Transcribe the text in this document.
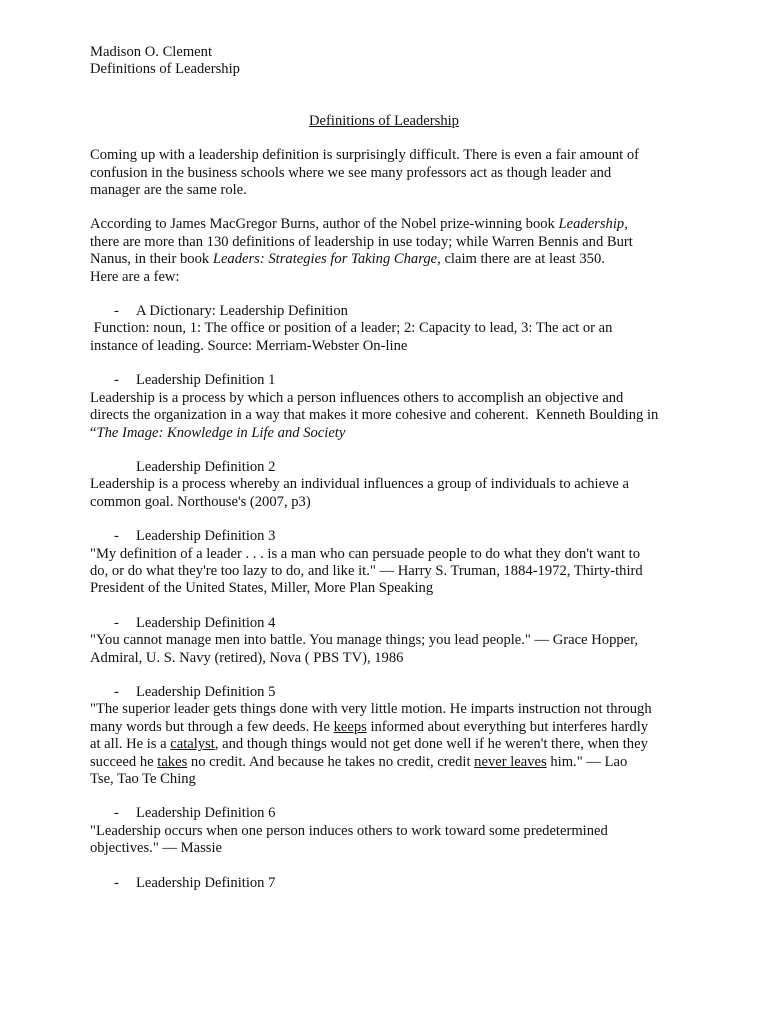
Madison O. Clement
Definitions of Leadership
Definitions of Leadership
Coming up with a leadership definition is surprisingly difficult. There is even a fair amount of
confusion in the business schools where we see many professors act as though leader and
manager are the same role.
According to James MacGregor Burns, author of the Nobel prize-winning book Leadership,
there are more than 130 definitions of leadership in use today; while Warren Bennis and Burt
Nanus, in their book Leaders: Strategies for Taking Charge, claim there are at least 350.
Here are a few:
- A Dictionary: Leadership Definition
Function: noun, 1: The office or position of a leader; 2: Capacity to lead, 3: The act or an
instance of leading. Source: Merriam-Webster On-line
- Leadership Definition 1
Leadership is a process by which a person influences others to accomplish an objective and
directs the organization in a way that makes it more cohesive and coherent.  Kenneth Boulding in
“The Image: Knowledge in Life and Society
Leadership Definition 2
Leadership is a process whereby an individual influences a group of individuals to achieve a
common goal. Northouse's (2007, p3)
- Leadership Definition 3
"My definition of a leader . . . is a man who can persuade people to do what they don't want to
do, or do what they're too lazy to do, and like it." — Harry S. Truman, 1884-1972, Thirty-third
President of the United States, Miller, More Plan Speaking
- Leadership Definition 4
"You cannot manage men into battle. You manage things; you lead people." — Grace Hopper,
Admiral, U. S. Navy (retired), Nova ( PBS TV), 1986
- Leadership Definition 5
"The superior leader gets things done with very little motion. He imparts instruction not through
many words but through a few deeds. He keeps informed about everything but interferes hardly
at all. He is a catalyst, and though things would not get done well if he weren't there, when they
succeed he takes no credit. And because he takes no credit, credit never leaves him." — Lao
Tse, Tao Te Ching
- Leadership Definition 6
"Leadership occurs when one person induces others to work toward some predetermined
objectives." — Massie
- Leadership Definition 7
